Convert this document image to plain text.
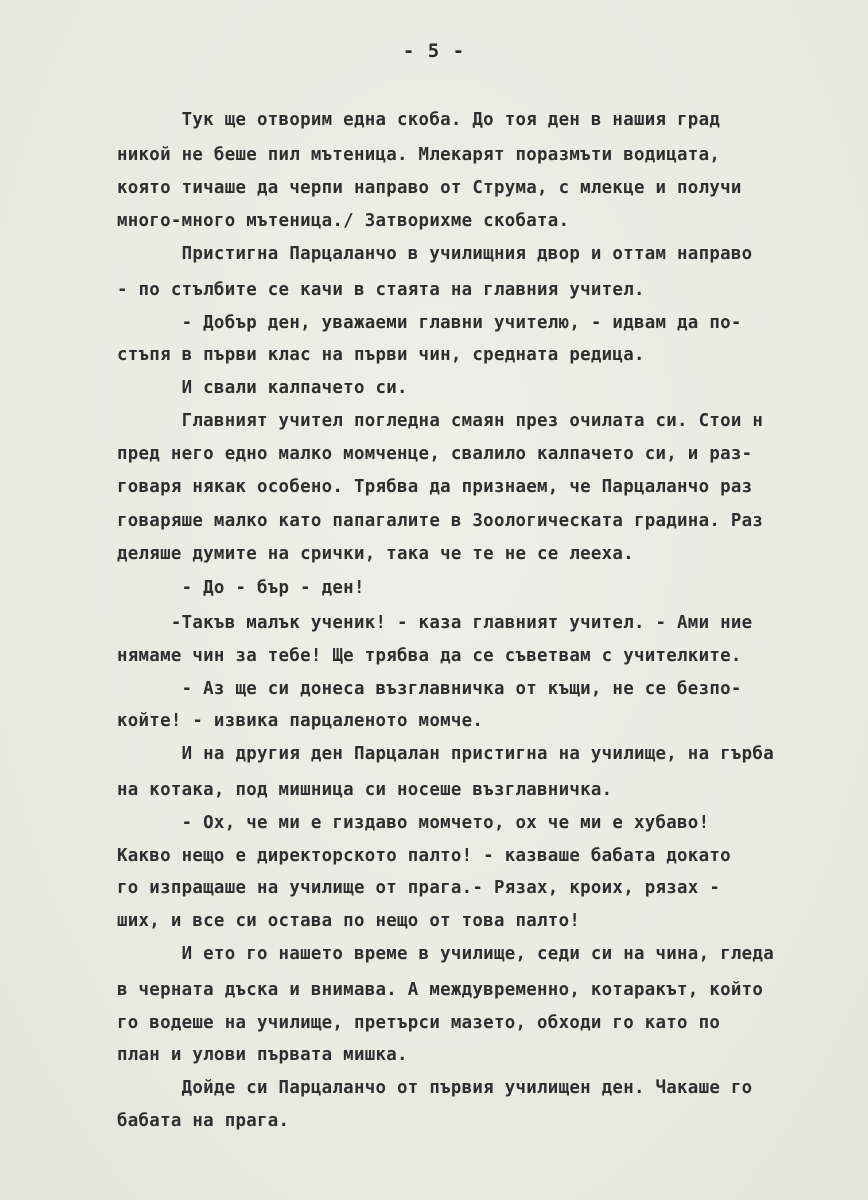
- 5 -
Тук ще отворим една скоба. До тоя ден в нашия град
никой не беше пил мътеница. Млекарят поразмъти водицата,
която тичаше да черпи направо от Струма, с млекце и получи
много-много мътеница./ Затворихме скобата.
Пристигна Парцаланчо в училищния двор и оттам направо
- по стълбите се качи в стаята на главния учител.
- Добър ден, уважаеми главни учителю, - идвам да по-
стъпя в първи клас на първи чин, средната редица.
И свали калпачето си.
Главният учител погледна смаян през очилата си. Стои н
пред него едно малко момченце, свалило калпачето си, и раз-
говаря някак особено. Трябва да признаем, че Парцаланчо раз
говаряше малко като папагалите в Зоологическата градина. Раз
деляше думите на срички, така че те не се лееха.
- До - бър - ден!
-Такъв малък ученик! - каза главният учител. - Ами ние
нямаме чин за тебе! Ще трябва да се съветвам с учителките.
- Аз ще си донеса възглавничка от къщи, не се безпо-
койте! - извика парцаленото момче.
И на другия ден Парцалан пристигна на училище, на гърба
на котака, под мишница си носеше възглавничка.
- Ох, че ми е гиздаво момчето, ох че ми е хубаво!
Какво нещо е директорското палто! - казваше бабата докато
го изпращаше на училище от прага.- Рязах, кроих, рязах -
ших, и все си остава по нещо от това палто!
И ето го нашето време в училище, седи си на чина, гледа
в черната дъска и внимава. А междувременно, котаракът, който
го водеше на училище, претърси мазето, обходи го като по
план и улови първата мишка.
Дойде си Парцаланчо от първия училищен ден. Чакаше го
бабата на прага.
